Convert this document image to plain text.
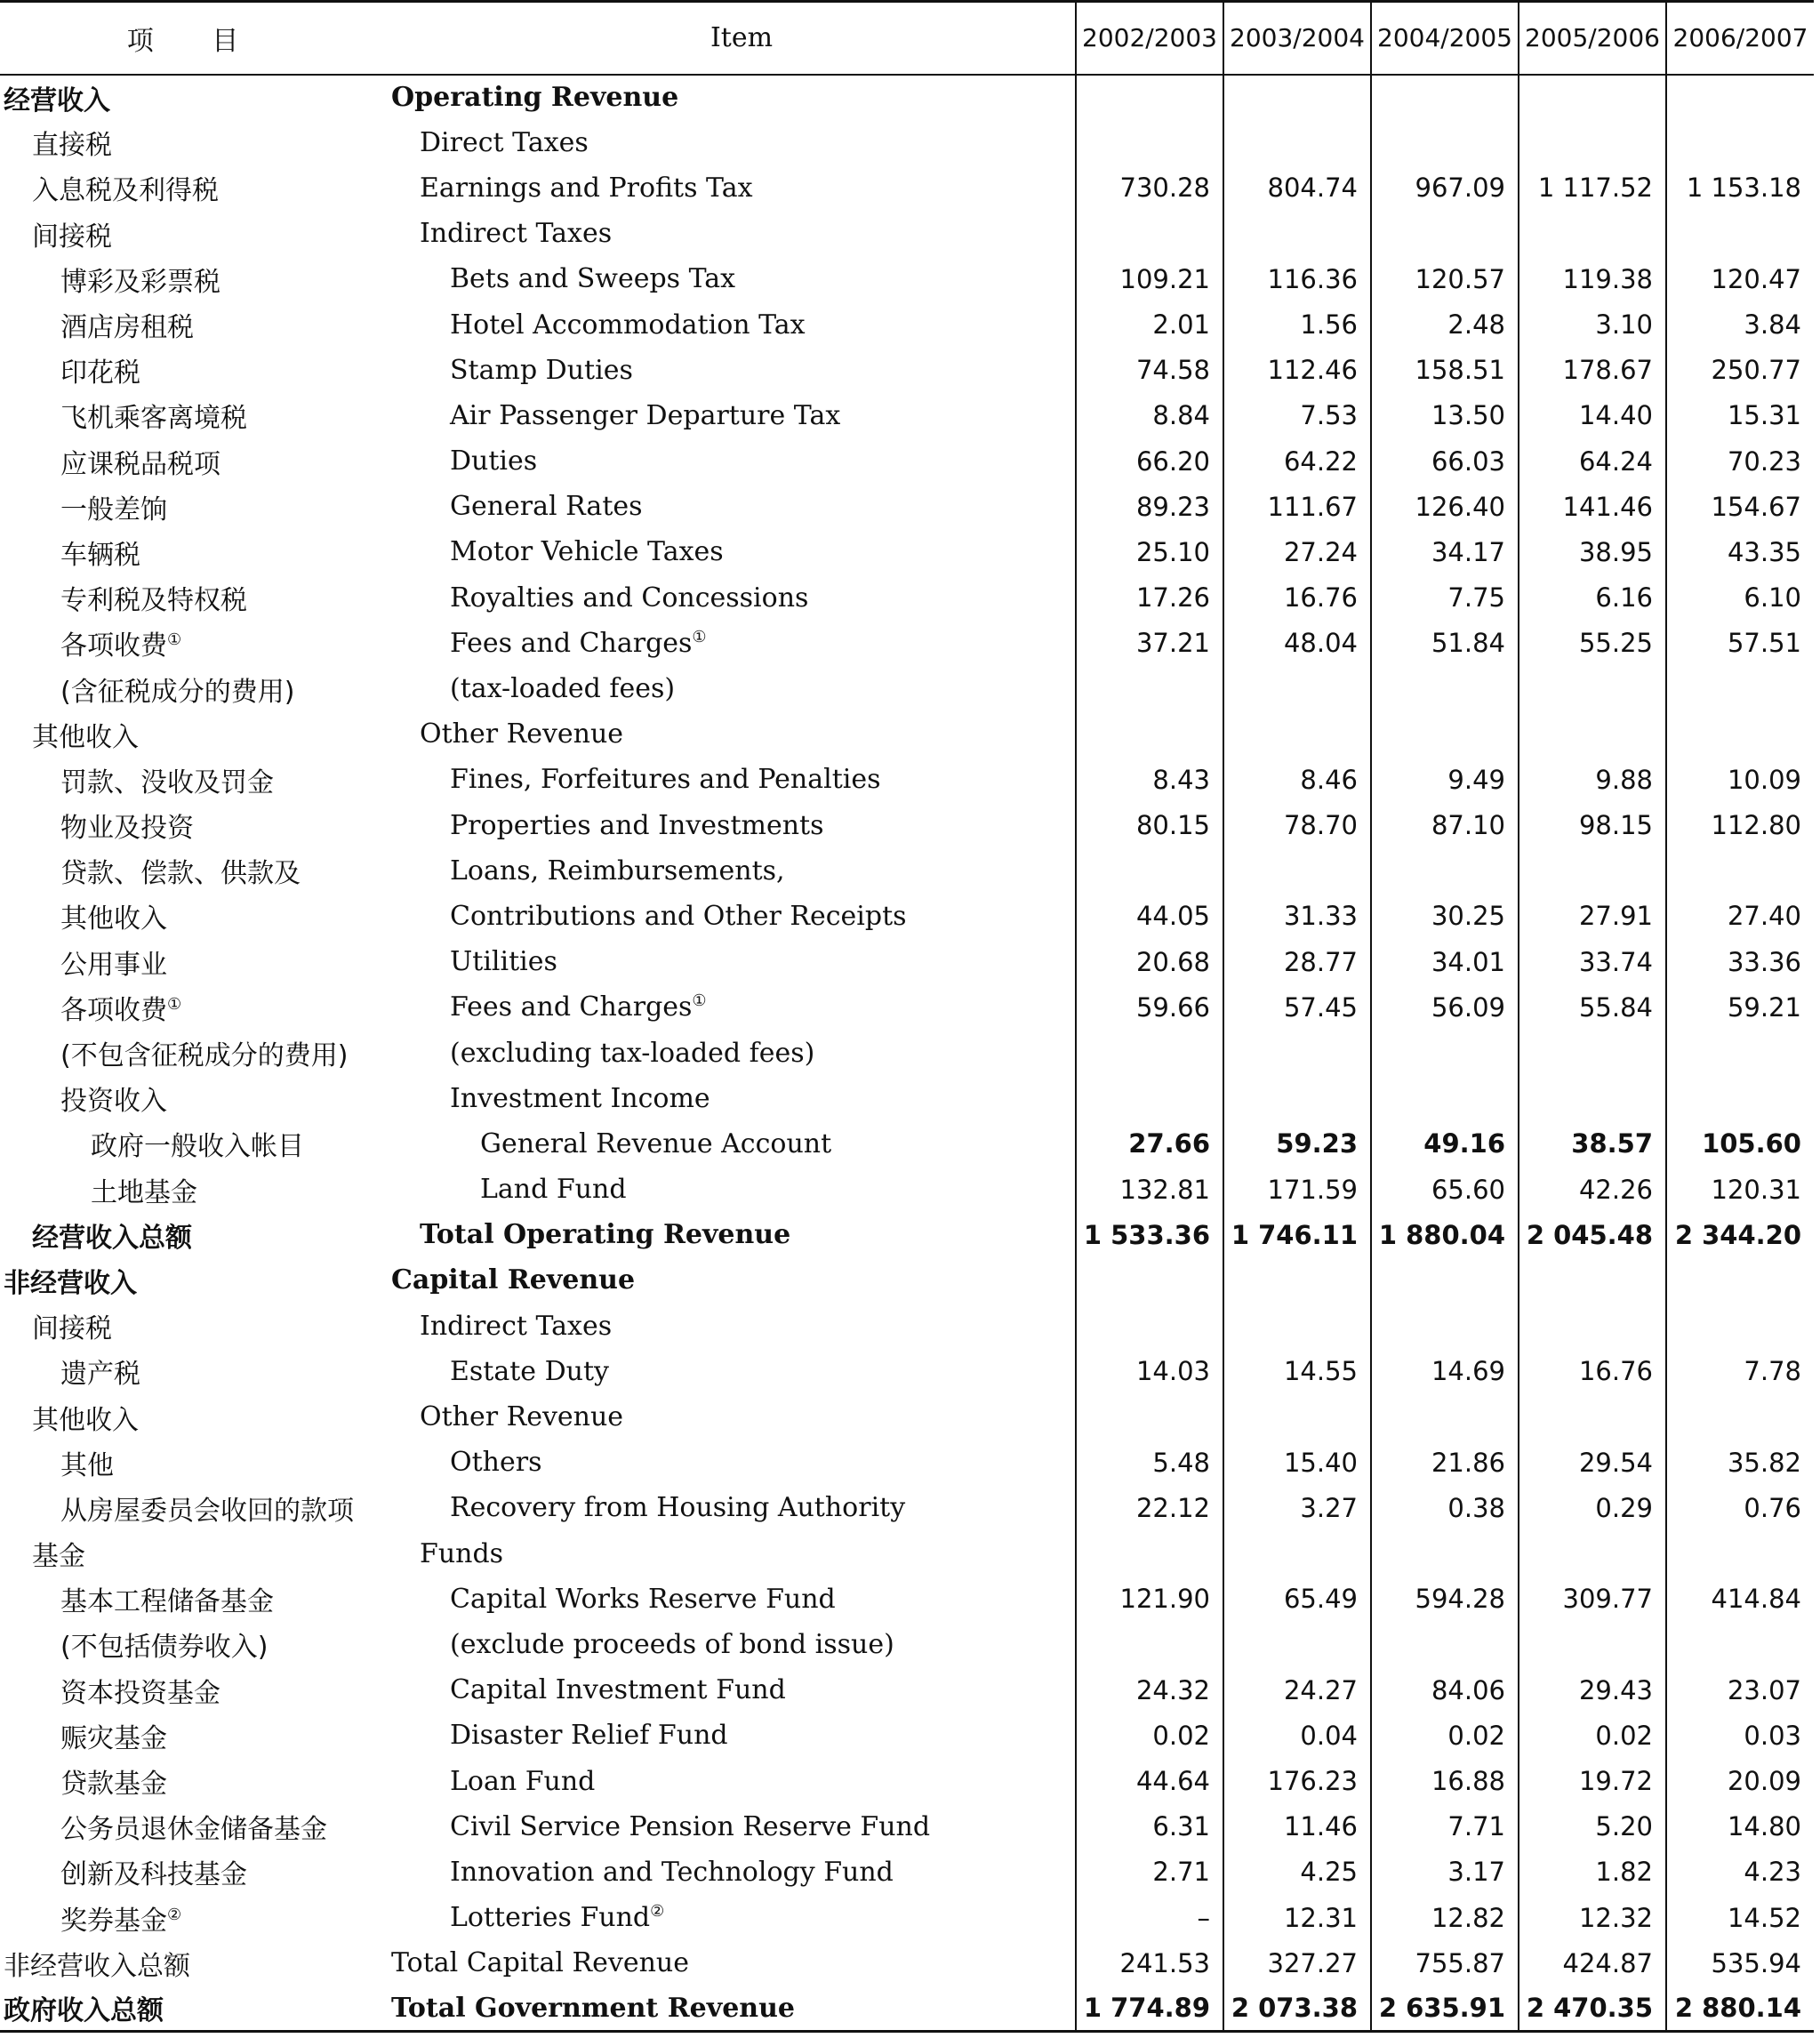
项 目	Item	2002/2003	2003/2004	2004/2005	2005/2006	2006/2007
经营收入	Operating Revenue					
直接税	Direct Taxes					
入息税及利得税	Earnings and Profits Tax	730.28	804.74	967.09	1 117.52	1 153.18
间接税	Indirect Taxes					
博彩及彩票税	Bets and Sweeps Tax	109.21	116.36	120.57	119.38	120.47
酒店房租税	Hotel Accommodation Tax	2.01	1.56	2.48	3.10	3.84
印花税	Stamp Duties	74.58	112.46	158.51	178.67	250.77
飞机乘客离境税	Air Passenger Departure Tax	8.84	7.53	13.50	14.40	15.31
应课税品税项	Duties	66.20	64.22	66.03	64.24	70.23
一般差饷	General Rates	89.23	111.67	126.40	141.46	154.67
车辆税	Motor Vehicle Taxes	25.10	27.24	34.17	38.95	43.35
专利税及特权税	Royalties and Concessions	17.26	16.76	7.75	6.16	6.10
各项收费①	Fees and Charges①	37.21	48.04	51.84	55.25	57.51
(含征税成分的费用)	(tax-loaded fees)					
其他收入	Other Revenue					
罚款、没收及罚金	Fines, Forfeitures and Penalties	8.43	8.46	9.49	9.88	10.09
物业及投资	Properties and Investments	80.15	78.70	87.10	98.15	112.80
贷款、偿款、供款及	Loans, Reimbursements,					
其他收入	Contributions and Other Receipts	44.05	31.33	30.25	27.91	27.40
公用事业	Utilities	20.68	28.77	34.01	33.74	33.36
各项收费①	Fees and Charges①	59.66	57.45	56.09	55.84	59.21
(不包含征税成分的费用)	(excluding tax-loaded fees)					
投资收入	Investment Income					
政府一般收入帐目	General Revenue Account	27.66	59.23	49.16	38.57	105.60
土地基金	Land Fund	132.81	171.59	65.60	42.26	120.31
经营收入总额	Total Operating Revenue	1 533.36	1 746.11	1 880.04	2 045.48	2 344.20
非经营收入	Capital Revenue					
间接税	Indirect Taxes					
遗产税	Estate Duty	14.03	14.55	14.69	16.76	7.78
其他收入	Other Revenue					
其他	Others	5.48	15.40	21.86	29.54	35.82
从房屋委员会收回的款项	Recovery from Housing Authority	22.12	3.27	0.38	0.29	0.76
基金	Funds					
基本工程储备基金	Capital Works Reserve Fund	121.90	65.49	594.28	309.77	414.84
(不包括债券收入)	(exclude proceeds of bond issue)					
资本投资基金	Capital Investment Fund	24.32	24.27	84.06	29.43	23.07
赈灾基金	Disaster Relief Fund	0.02	0.04	0.02	0.02	0.03
贷款基金	Loan Fund	44.64	176.23	16.88	19.72	20.09
公务员退休金储备基金	Civil Service Pension Reserve Fund	6.31	11.46	7.71	5.20	14.80
创新及科技基金	Innovation and Technology Fund	2.71	4.25	3.17	1.82	4.23
奖券基金②	Lotteries Fund②	–	12.31	12.82	12.32	14.52
非经营收入总额	Total Capital Revenue	241.53	327.27	755.87	424.87	535.94
政府收入总额	Total Government Revenue	1 774.89	2 073.38	2 635.91	2 470.35	2 880.14
